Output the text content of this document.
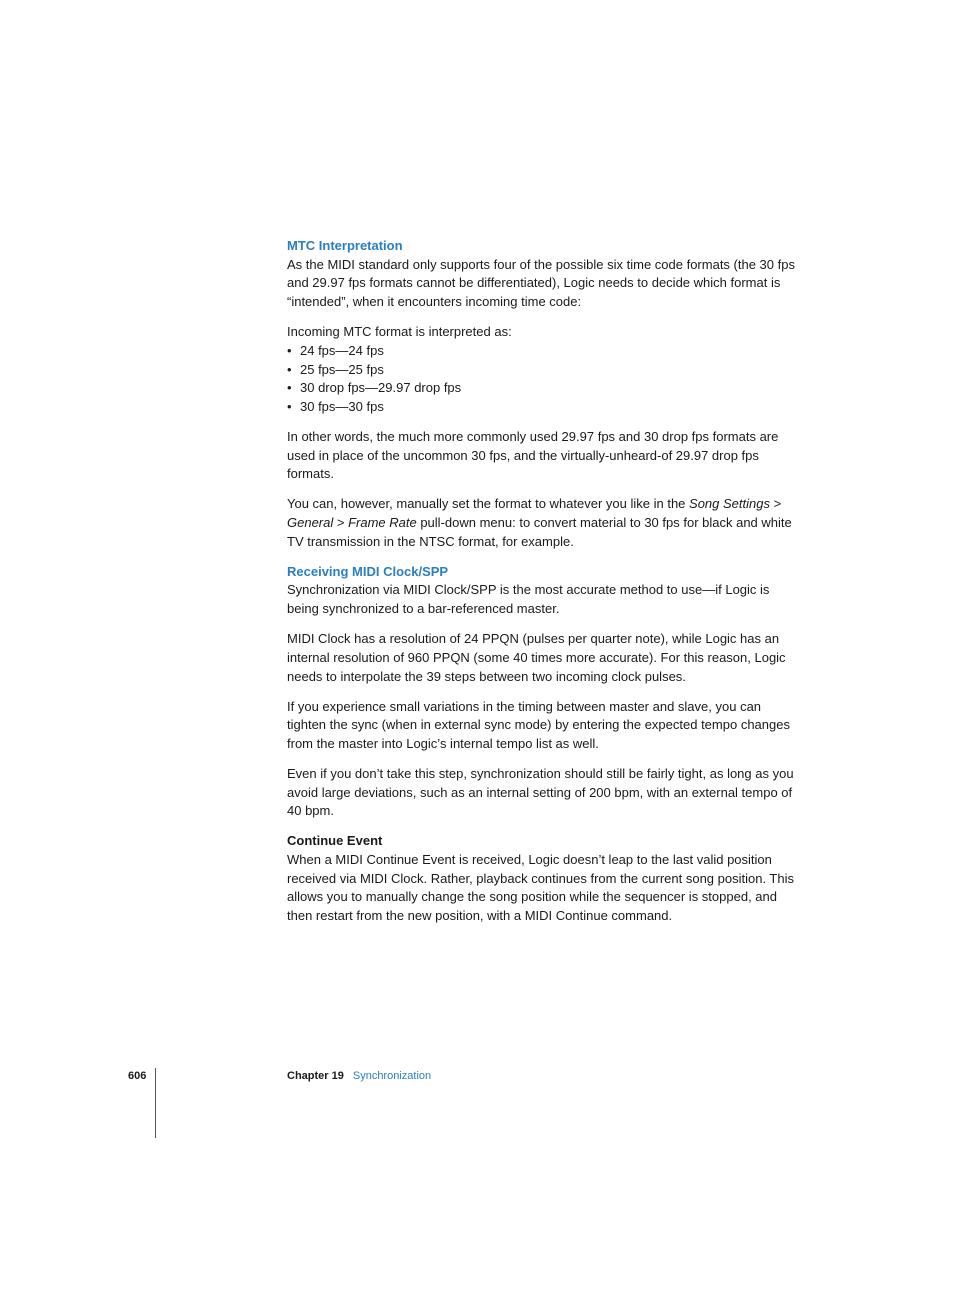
MTC Interpretation

As the MIDI standard only supports four of the possible six time code formats (the 30 fps and 29.97 fps formats cannot be differentiated), Logic needs to decide which format is “intended”, when it encounters incoming time code:

Incoming MTC format is interpreted as:

• 24 fps—24 fps
• 25 fps—25 fps
• 30 drop fps—29.97 drop fps
• 30 fps—30 fps

In other words, the much more commonly used 29.97 fps and 30 drop fps formats are used in place of the uncommon 30 fps, and the virtually-unheard-of 29.97 drop fps formats.

You can, however, manually set the format to whatever you like in the Song Settings > General > Frame Rate pull-down menu: to convert material to 30 fps for black and white TV transmission in the NTSC format, for example.

Receiving MIDI Clock/SPP

Synchronization via MIDI Clock/SPP is the most accurate method to use—if Logic is being synchronized to a bar-referenced master.

MIDI Clock has a resolution of 24 PPQN (pulses per quarter note), while Logic has an internal resolution of 960 PPQN (some 40 times more accurate). For this reason, Logic needs to interpolate the 39 steps between two incoming clock pulses.

If you experience small variations in the timing between master and slave, you can tighten the sync (when in external sync mode) by entering the expected tempo changes from the master into Logic’s internal tempo list as well.

Even if you don’t take this step, synchronization should still be fairly tight, as long as you avoid large deviations, such as an internal setting of 200 bpm, with an external tempo of 40 bpm.

Continue Event

When a MIDI Continue Event is received, Logic doesn’t leap to the last valid position received via MIDI Clock. Rather, playback continues from the current song position. This allows you to manually change the song position while the sequencer is stopped, and then restart from the new position, with a MIDI Continue command.

606	Chapter 19 Synchronization
